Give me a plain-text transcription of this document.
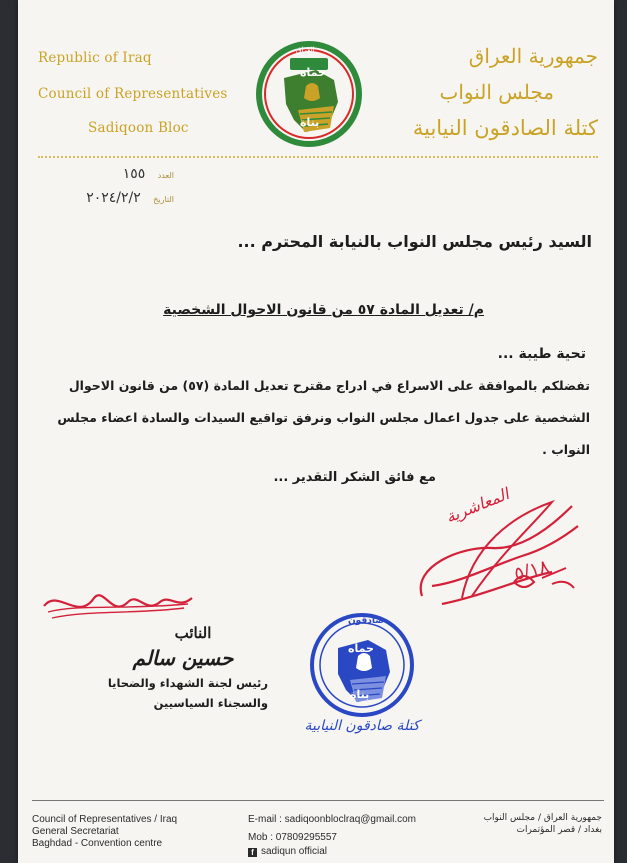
Republic of Iraq
Council of Representatives
Sadiqoon Bloc
حماه
بناة
العراق	جمهورية العراق
مجلس النواب
كتلة الصادقون النيابية
العدد ١٥٥
التاريخ ٢٠٢٤/٢/٢
السيد رئيس مجلس النواب بالنيابة المحترم ...
م/ تعديل المادة ٥٧ من قانون الاحوال الشخصية
تحية طيبة ...
تفضلكم بالموافقة على الاسراع في ادراج مقترح تعديل المادة (٥٧) من قانون الاحوال
الشخصية على جدول اعمال مجلس النواب ونرفق تواقيع السيدات والسادة اعضاء مجلس
النواب .
مع فائق الشكر التقدير ...
المعاشرية
٥/١٨
النائب
حسين سالم
رئيس لجنة الشهداء والضحايا
والسجناء السياسيين
صادقون
حماه
بناة
كتلة صادقون النيابية
Council of Representatives / Iraq
General Secretariat
Baghdad - Convention centre
E-mail : sadiqoonbloclraq@gmail.com
Mob : 07809295557
f sadiqun official
جمهورية العراق / مجلس النواب
بغداد / قصر المؤتمرات
